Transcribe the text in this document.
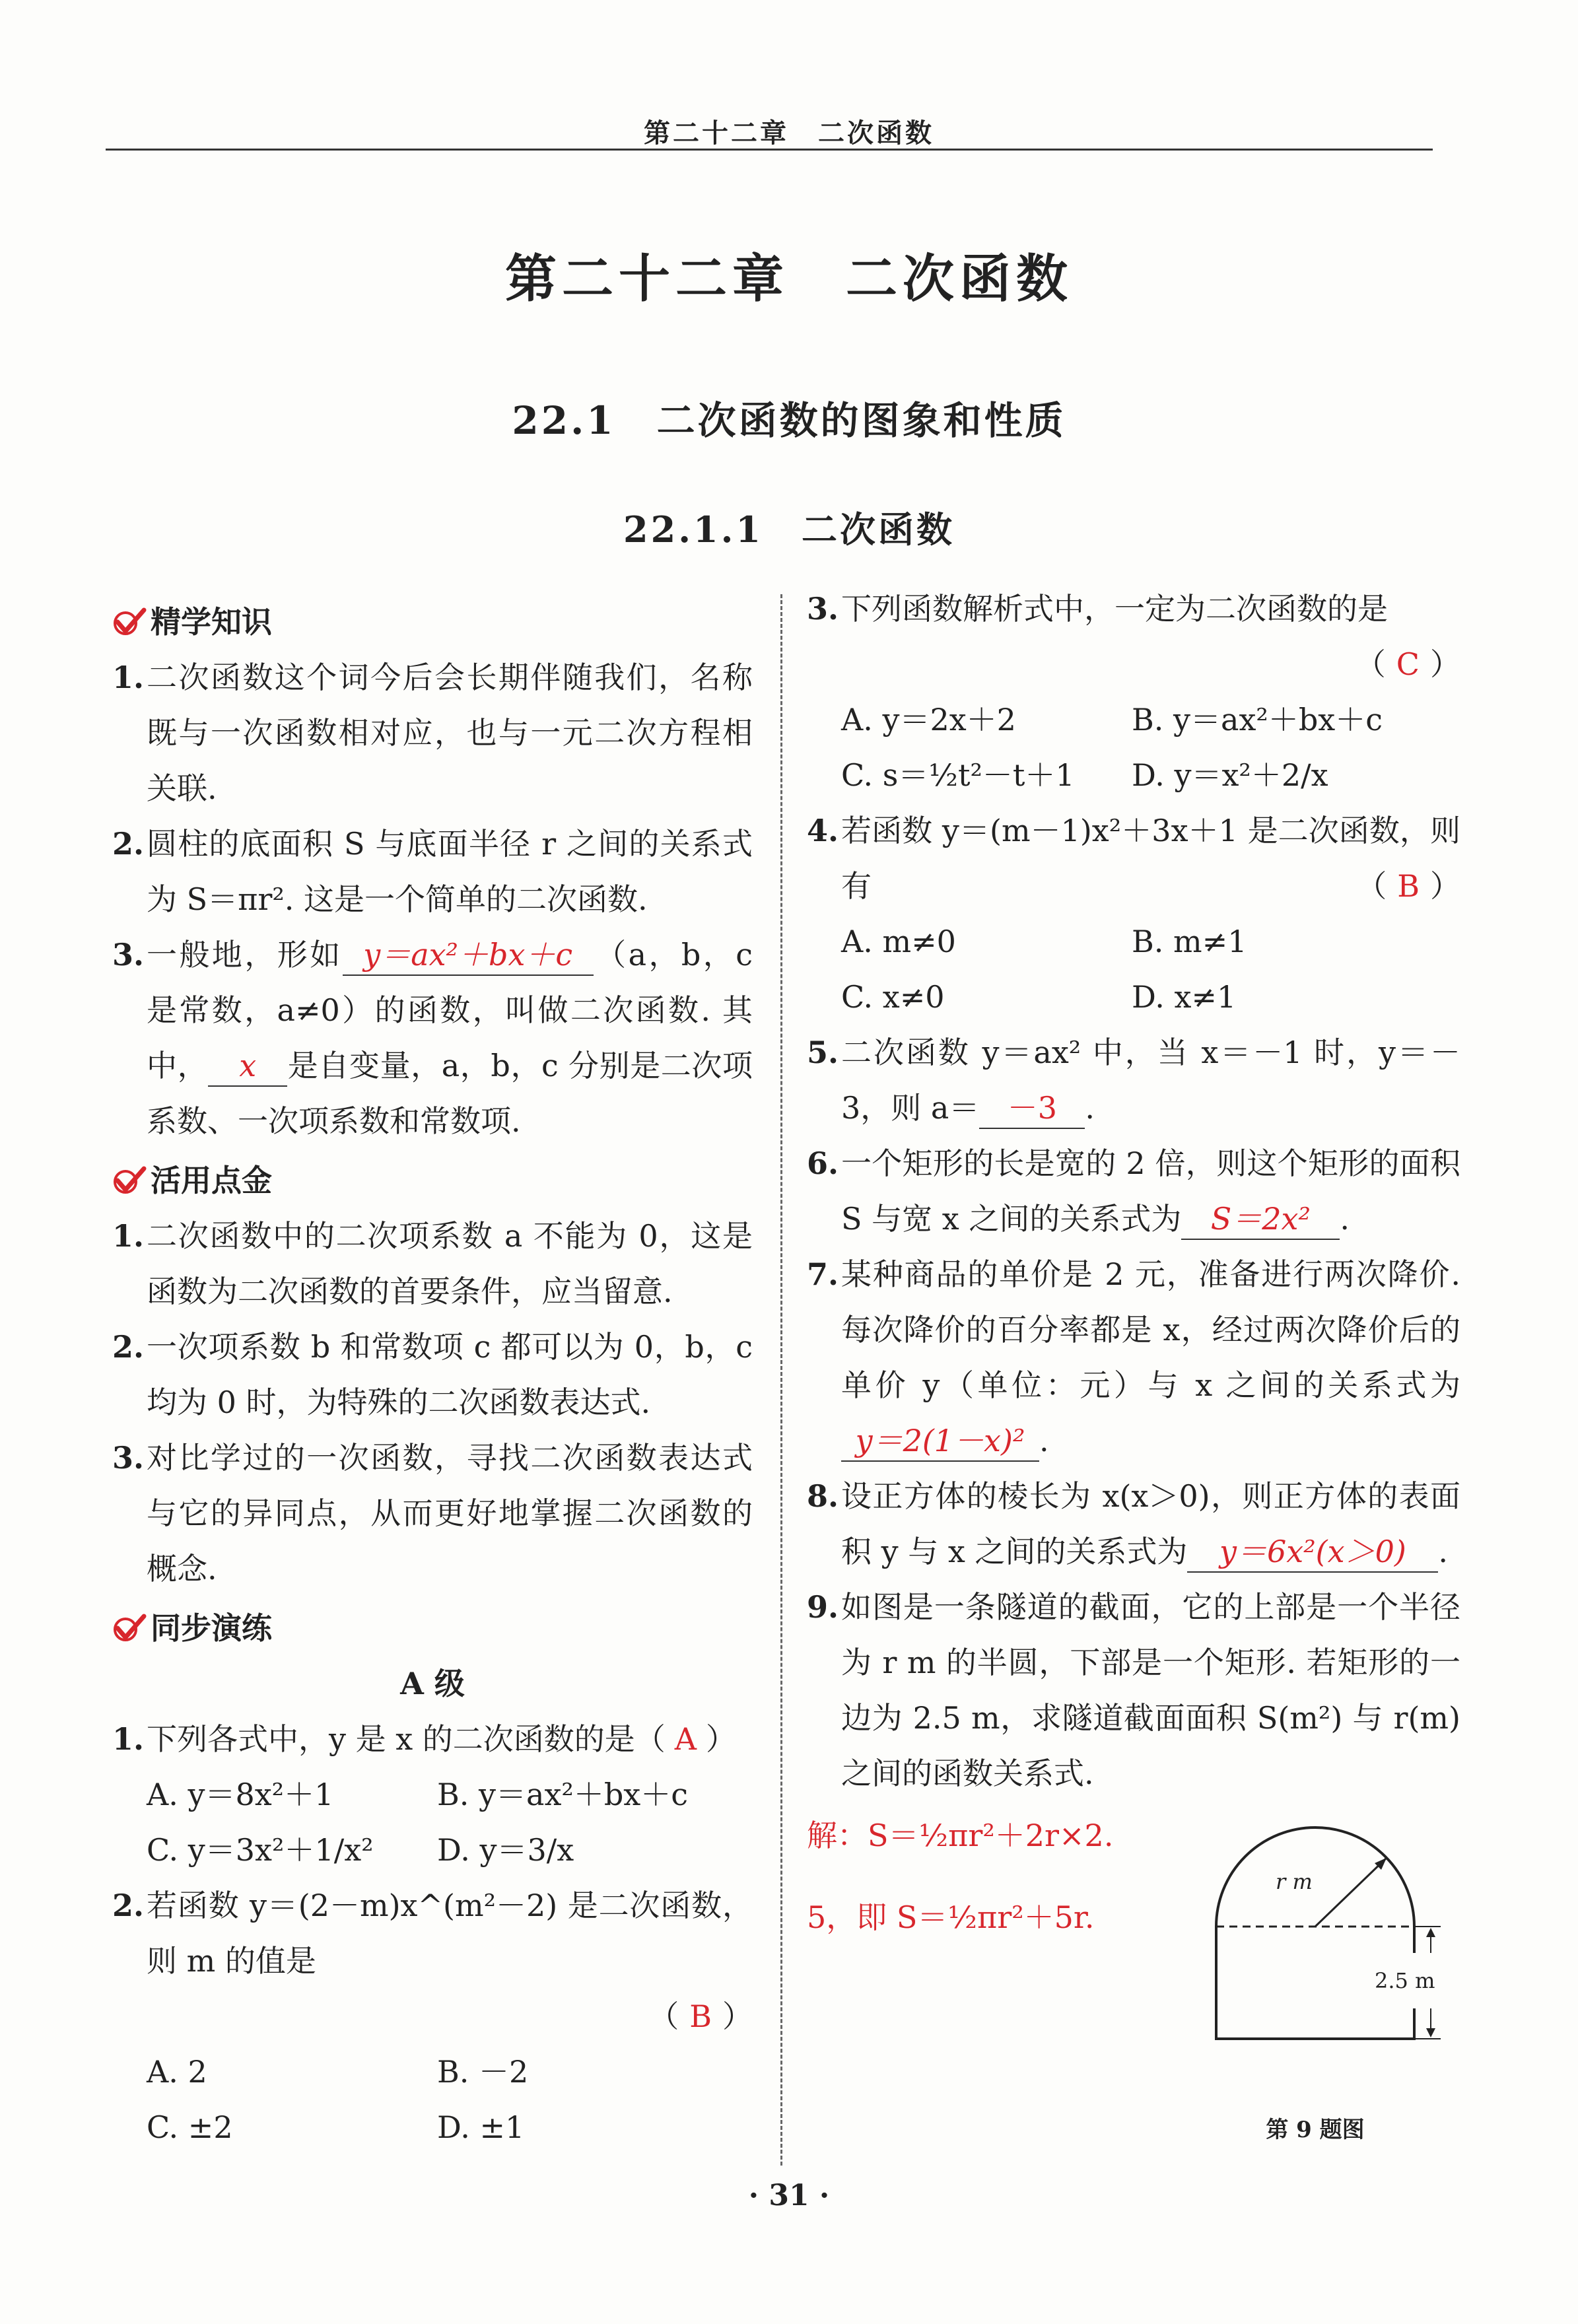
第二十二章　二次函数
第二十二章　二次函数
22.1　二次函数的图象和性质
22.1.1　二次函数
精学知识
1. 二次函数这个词今后会长期伴随我们，名称既与一次函数相对应，也与一元二次方程相关联.
2. 圆柱的底面积 S 与底面半径 r 之间的关系式为 S＝πr². 这是一个简单的二次函数.
3. 一般地，形如 y＝ax²＋bx＋c （a，b，c 是常数，a≠0）的函数，叫做二次函数. 其中， x 是自变量，a，b，c 分别是二次项系数、一次项系数和常数项.
活用点金
1. 二次函数中的二次项系数 a 不能为 0，这是函数为二次函数的首要条件，应当留意.
2. 一次项系数 b 和常数项 c 都可以为 0，b，c 均为 0 时，为特殊的二次函数表达式.
3. 对比学过的一次函数，寻找二次函数表达式与它的异同点，从而更好地掌握二次函数的概念.
同步演练
A 级
1. 下列各式中，y 是 x 的二次函数的是（ A ）
A. y＝8x²＋1	B. y＝ax²＋bx＋c
C. y＝3x²＋1/x²	D. y＝3/x
2. 若函数 y＝(2－m)x^(m²－2) 是二次函数，则 m 的值是
（ B ）
A. 2	B. －2
C. ±2	D. ±1
3. 下列函数解析式中，一定为二次函数的是
（ C ）
A. y＝2x＋2	B. y＝ax²＋bx＋c
C. s＝½t²－t＋1	D. y＝x²＋2/x
4. 若函数 y＝(m－1)x²＋3x＋1 是二次函数，则有	（ B ）
A. m≠0	B. m≠1
C. x≠0	D. x≠1
5. 二次函数 y＝ax² 中，当 x＝－1 时，y＝－3，则 a＝ －3 .
6. 一个矩形的长是宽的 2 倍，则这个矩形的面积 S 与宽 x 之间的关系式为 S＝2x² .
7. 某种商品的单价是 2 元，准备进行两次降价. 每次降价的百分率都是 x，经过两次降价后的单价 y（单位：元）与 x 之间的关系式为y＝2(1－x)² .
8. 设正方体的棱长为 x(x＞0)，则正方体的表面积 y 与 x 之间的关系式为 y＝6x²(x＞0) .
9. 如图是一条隧道的截面，它的上部是一个半径为 r m 的半圆，下部是一个矩形. 若矩形的一边为 2.5 m，求隧道截面面积 S(m²) 与 r(m) 之间的函数关系式.
解：S＝½πr²＋2r×2.
5，即 S＝½πr²＋5r.
r m
2.5 m
第 9 题图
· 31 ·
